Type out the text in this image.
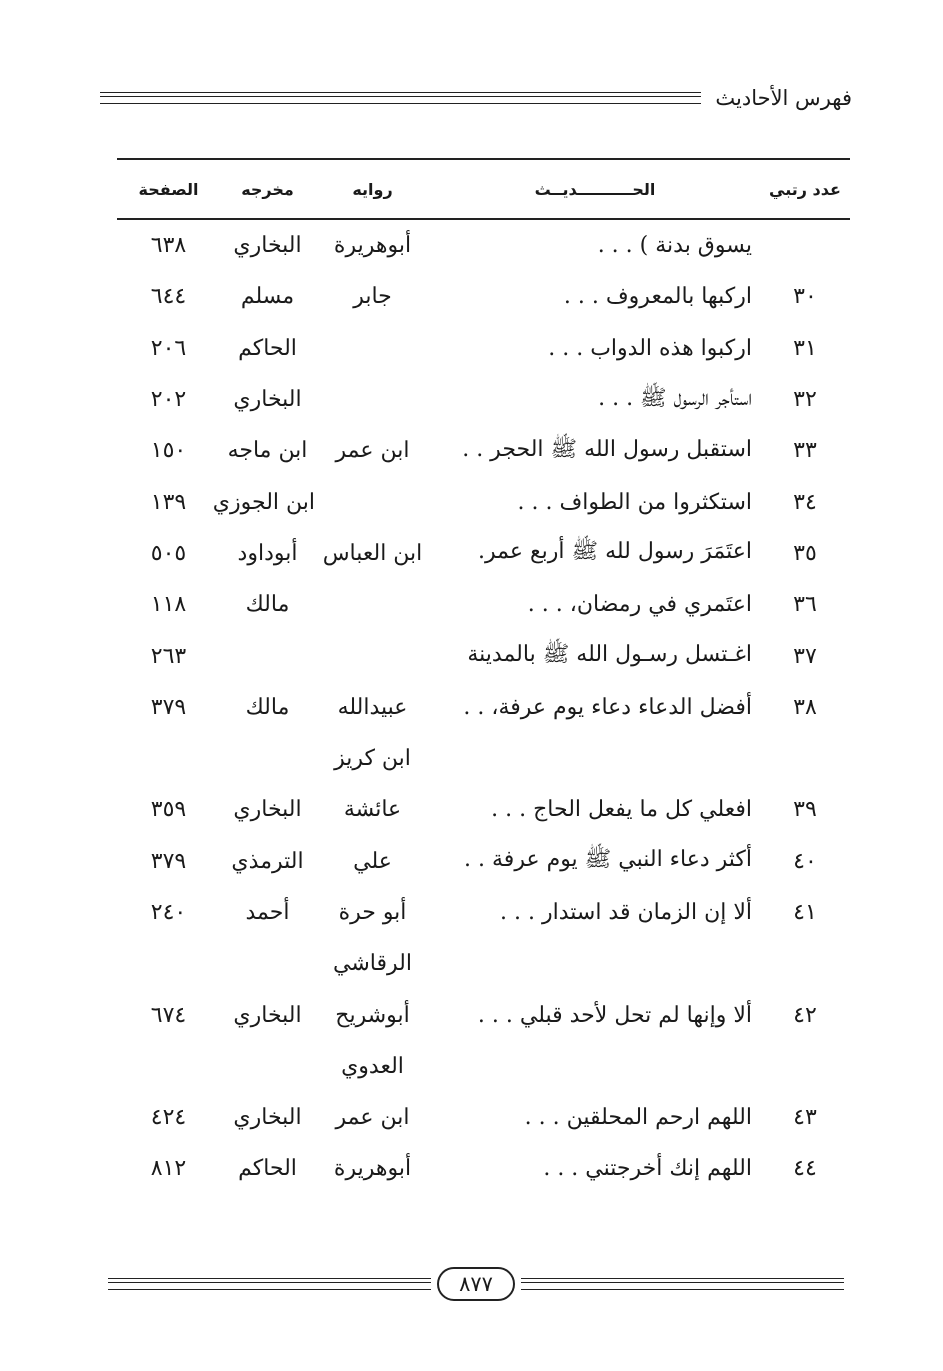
فهرس الأحاديث
عدد رتبي
الحــــــــــديــث
روايه
مخرجه
الصفحة
يسوق بدنة ) . . .
أبوهريرة
البخاري
٦٣٨
٣٠
اركبها بالمعروف . . .
جابر
مسلم
٦٤٤
٣١
اركبوا هذه الدواب . . .
الحاكم
٢٠٦
٣٢
استأجر الرسول ﷺ . . .
البخاري
٢٠٢
٣٣
استقبل رسول الله ﷺ الحجر . .
ابن عمر
ابن ماجه
١٥٠
٣٤
استكثروا من الطواف . . .
ابن الجوزي
١٣٩
٣٥
اعتَمَرَ رسول لله ﷺ أربع عمر.
ابن العباس
أبوداود
٥٠٥
٣٦
اعتَمري في رمضان، . . .
مالك
١١٨
٣٧
اغـتسل رسـول الله ﷺ بالمدينة
٢٦٣
٣٨
أفضل الدعاء دعاء يوم عرفة، . .
عبيدالله
مالك
٣٧٩
ابن كريز
٣٩
افعلي كل ما يفعل الحاج . . .
عائشة
البخاري
٣٥٩
٤٠
أكثر دعاء النبي ﷺ يوم عرفة . .
علي
الترمذي
٣٧٩
٤١
ألا إن الزمان قد استدار . . .
أبو حرة
أحمد
٢٤٠
الرقاشي
٤٢
ألا وإنها لم تحل لأحد قبلي . . .
أبوشريح
البخاري
٦٧٤
العدوي
٤٣
اللهم ارحم المحلقين . . .
ابن عمر
البخاري
٤٢٤
٤٤
اللهم إنك أخرجتني . . .
أبوهريرة
الحاكم
٨١٢
٨٧٧
